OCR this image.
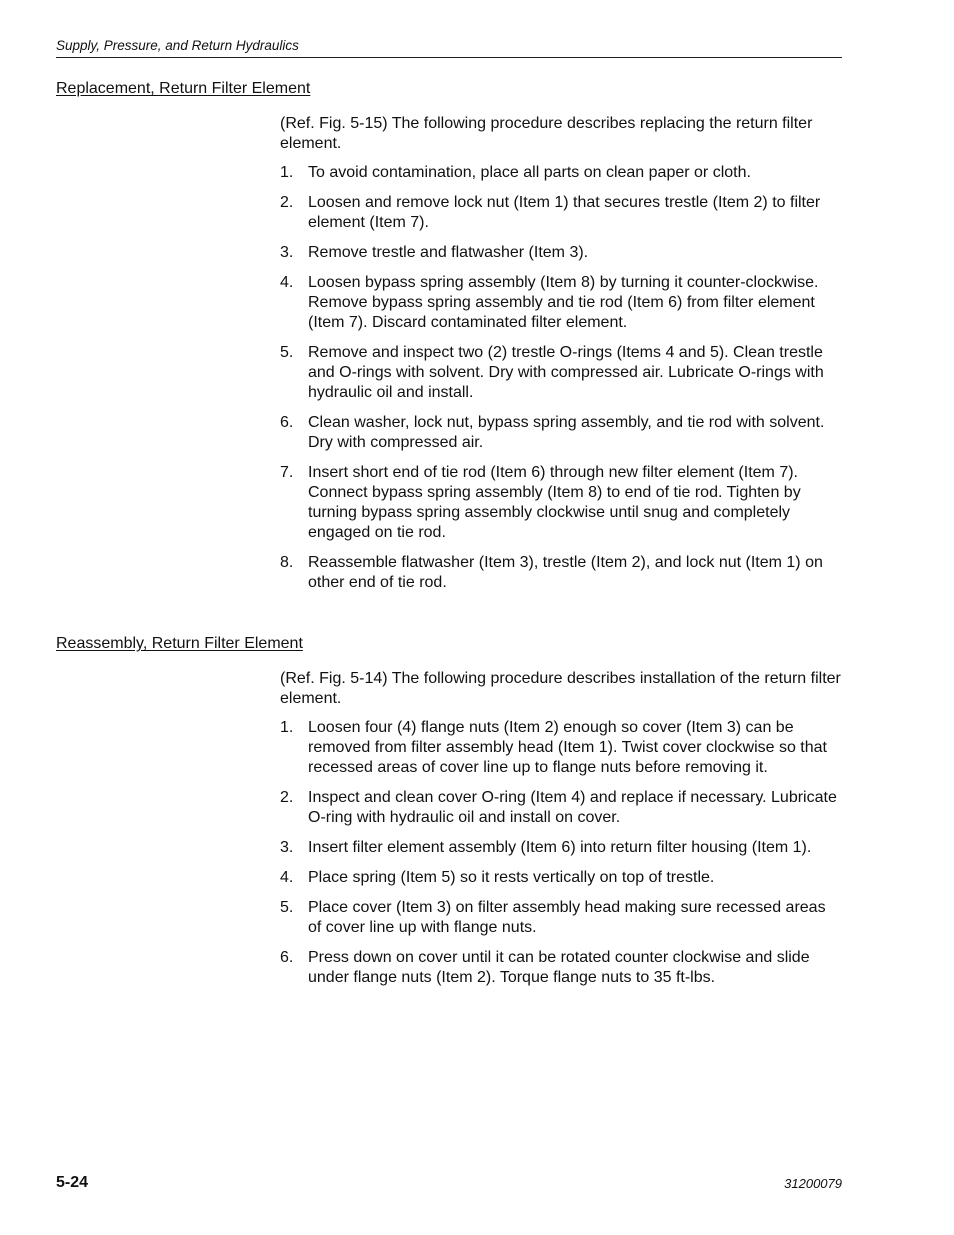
Supply, Pressure, and Return Hydraulics
Replacement, Return Filter Element

(Ref. Fig. 5-15) The following procedure describes replacing the return filter element.

1. To avoid contamination, place all parts on clean paper or cloth.
2. Loosen and remove lock nut (Item 1) that secures trestle (Item 2) to filter element (Item 7).
3. Remove trestle and flatwasher (Item 3).
4. Loosen bypass spring assembly (Item 8) by turning it counter-clockwise. Remove bypass spring assembly and tie rod (Item 6) from filter element (Item 7). Discard contaminated filter element.
5. Remove and inspect two (2) trestle O-rings (Items 4 and 5). Clean trestle and O-rings with solvent. Dry with compressed air. Lubricate O-rings with hydraulic oil and install.
6. Clean washer, lock nut, bypass spring assembly, and tie rod with solvent. Dry with compressed air.
7. Insert short end of tie rod (Item 6) through new filter element (Item 7). Connect bypass spring assembly (Item 8) to end of tie rod. Tighten by turning bypass spring assembly clockwise until snug and completely engaged on tie rod.
8. Reassemble flatwasher (Item 3), trestle (Item 2), and lock nut (Item 1) on other end of tie rod.
Reassembly, Return Filter Element

(Ref. Fig. 5-14) The following procedure describes installation of the return filter element.

1. Loosen four (4) flange nuts (Item 2) enough so cover (Item 3) can be removed from filter assembly head (Item 1). Twist cover clockwise so that recessed areas of cover line up to flange nuts before removing it.
2. Inspect and clean cover O-ring (Item 4) and replace if necessary. Lubricate O-ring with hydraulic oil and install on cover.
3. Insert filter element assembly (Item 6) into return filter housing (Item 1).
4. Place spring (Item 5) so it rests vertically on top of trestle.
5. Place cover (Item 3) on filter assembly head making sure recessed areas of cover line up with flange nuts.
6. Press down on cover until it can be rotated counter clockwise and slide under flange nuts (Item 2). Torque flange nuts to 35 ft-lbs.
5-24	31200079
